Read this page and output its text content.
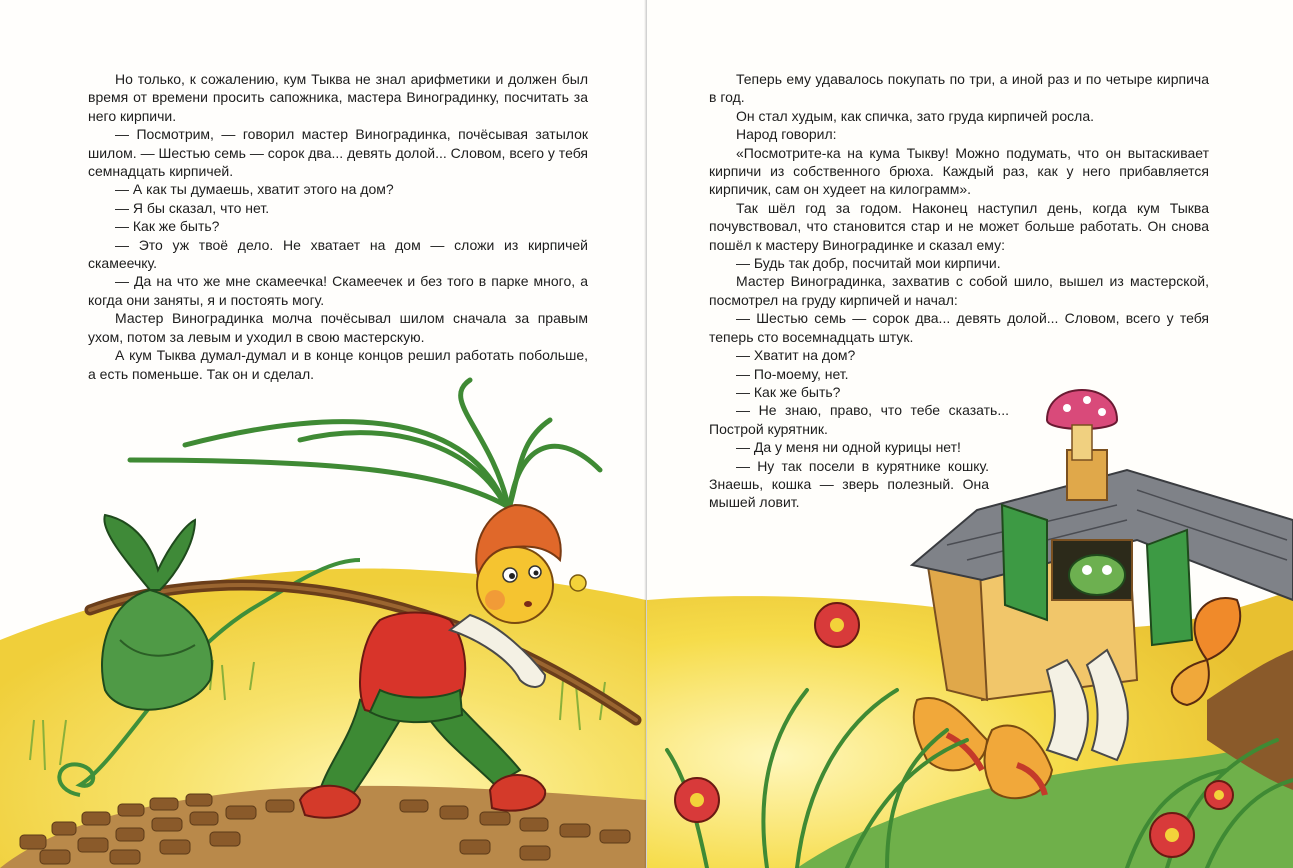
Но только, к сожалению, кум Тыква не знал арифметики и должен был время от времени просить сапожника, мастера Виноградинку, посчитать за него кирпичи.

— Посмотрим, — говорил мастер Виноградинка, почёсывая затылок шилом. — Шестью семь — сорок два... девять долой... Словом, всего у тебя семнадцать кирпичей.

— А как ты думаешь, хватит этого на дом?

— Я бы сказал, что нет.

— Как же быть?

— Это уж твоё дело. Не хватает на дом — сложи из кирпичей скамеечку.

— Да на что же мне скамеечка! Скамеечек и без того в парке много, а когда они заняты, я и постоять могу.

Мастер Виноградинка молча почёсывал шилом сначала за правым ухом, потом за левым и уходил в свою мастерскую.

А кум Тыква думал-думал и в конце концов решил работать побольше, а есть поменьше. Так он и сделал.

Теперь ему удавалось покупать по три, а иной раз и по четыре кирпича в год.

Он стал худым, как спичка, зато груда кирпичей росла.

Народ говорил:

«Посмотрите-ка на кума Тыкву! Можно подумать, что он вытаскивает кирпичи из собственного брюха. Каждый раз, как у него прибавляется кирпичик, сам он худеет на килограмм».

Так шёл год за годом. Наконец наступил день, когда кум Тыква почувствовал, что становится стар и не может больше работать. Он снова пошёл к мастеру Виноградинке и сказал ему:

— Будь так добр, посчитай мои кирпичи.

Мастер Виноградинка, захватив с собой шило, вышел из мастерской, посмотрел на груду кирпичей и начал:

— Шестью семь — сорок два... девять долой... Словом, всего у тебя теперь сто восемнадцать штук.

— Хватит на дом?

— По-моему, нет.

— Как же быть?

— Не знаю, право, что тебе сказать... Построй курятник.

— Да у меня ни одной курицы нет!

— Ну так посели в курятнике кошку. Знаешь, кошка — зверь полезный. Она мышей ловит.
